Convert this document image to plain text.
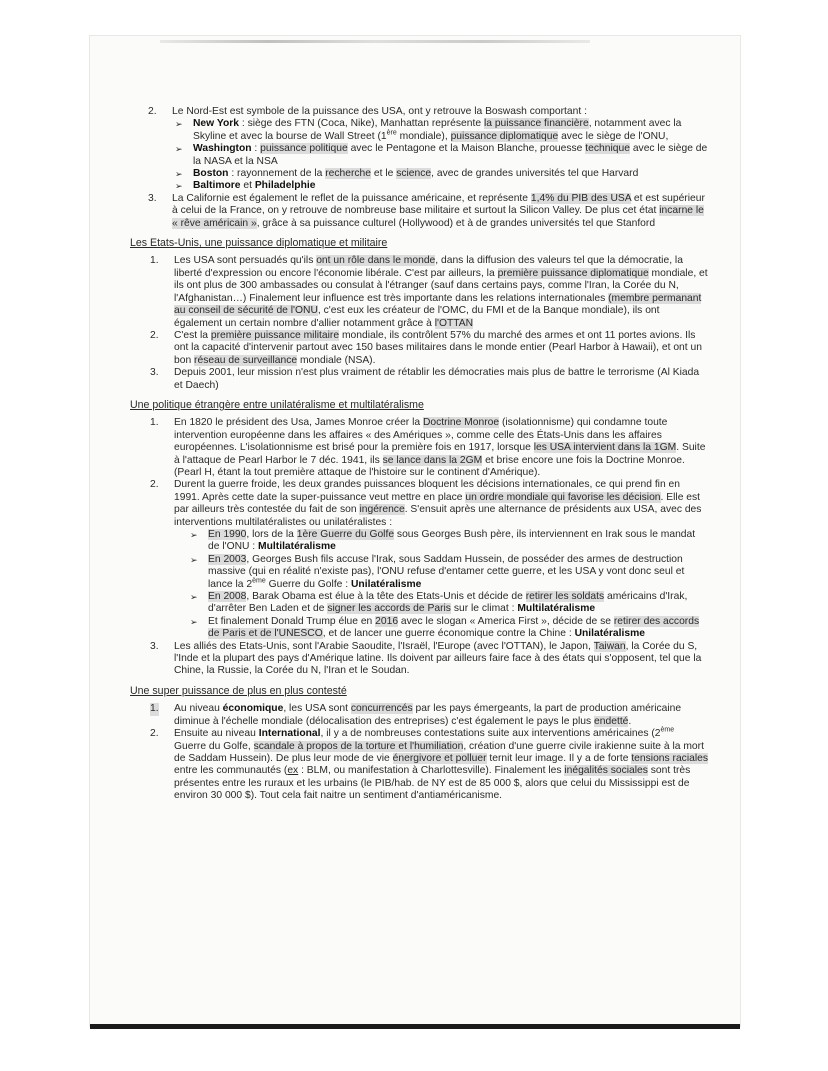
2. Le Nord-Est est symbole de la puissance des USA, ont y retrouve la Boswash comportant :

➢ New York : siège des FTN (Coca, Nike), Manhattan représente la puissance financière, notamment avec la Skyline et avec la bourse de Wall Street (1ère mondiale), puissance diplomatique avec le siège de l'ONU,
➢ Washington : puissance politique avec le Pentagone et la Maison Blanche, prouesse technique avec le siège de la NASA et la NSA
➢ Boston : rayonnement de la recherche et le science, avec de grandes universités tel que Harvard
➢ Baltimore et Philadelphie
3. La Californie est également le reflet de la puissance américaine, et représente 1,4% du PIB des USA et est supérieur à celui de la France, on y retrouve de nombreuse base militaire et surtout la Silicon Valley. De plus cet état incarne le « rêve américain », grâce à sa puissance culturel (Hollywood) et à de grandes universités tel que Stanford

Les Etats-Unis, une puissance diplomatique et militaire

1. Les USA sont persuadés qu'ils ont un rôle dans le monde, dans la diffusion des valeurs tel que la démocratie, la liberté d'expression ou encore l'économie libérale. C'est par ailleurs, la première puissance diplomatique mondiale, et ils ont plus de 300 ambassades ou consulat à l'étranger (sauf dans certains pays, comme l'Iran, la Corée du N, l'Afghanistan…) Finalement leur influence est très importante dans les relations internationales (membre permanant au conseil de sécurité de l'ONU, c'est eux les créateur de l'OMC, du FMI et de la Banque mondiale), ils ont également un certain nombre d'allier notamment grâce à l'OTTAN

2. C'est la première puissance militaire mondiale, ils contrôlent 57% du marché des armes et ont 11 portes avions. Ils ont la capacité d'intervenir partout avec 150 bases militaires dans le monde entier (Pearl Harbor à Hawaii), et ont un bon réseau de surveillance mondiale (NSA).

3. Depuis 2001, leur mission n'est plus vraiment de rétablir les démocraties mais plus de battre le terrorisme (Al Kiada et Daech)

Une politique étrangère entre unilatéralisme et multilatéralisme

1. En 1820 le président des Usa, James Monroe créer la Doctrine Monroe (isolationnisme) qui condamne toute intervention européenne dans les affaires « des Amériques », comme celle des États-Unis dans les affaires européennes. L'isolationnisme est brisé pour la première fois en 1917, lorsque les USA intervient dans la 1GM. Suite à l'attaque de Pearl Harbor le 7 déc. 1941, ils se lance dans la 2GM et brise encore une fois la Doctrine Monroe. (Pearl H, étant la tout première attaque de l'histoire sur le continent d'Amérique).

2. Durent la guerre froide, les deux grandes puissances bloquent les décisions internationales, ce qui prend fin en 1991. Après cette date la super-puissance veut mettre en place un ordre mondiale qui favorise les décision. Elle est par ailleurs très contestée du fait de son ingérence. S'ensuit après une alternance de présidents aux USA, avec des interventions multilatéralistes ou unilatéralistes :

➢ En 1990, lors de la 1ère Guerre du Golfe sous Georges Bush père, ils interviennent en Irak sous le mandat de l'ONU : Multilatéralisme
➢ En 2003, Georges Bush fils accuse l'Irak, sous Saddam Hussein, de posséder des armes de destruction massive (qui en réalité n'existe pas), l'ONU refuse d'entamer cette guerre, et les USA y vont donc seul et lance la 2ème Guerre du Golfe : Unilatéralisme
➢ En 2008, Barak Obama est élue à la tête des Etats-Unis et décide de retirer les soldats américains d'Irak, d'arrêter Ben Laden et de signer les accords de Paris sur le climat : Multilatéralisme
➢ Et finalement Donald Trump élue en 2016 avec le slogan « America First », décide de se retirer des accords de Paris et de l'UNESCO, et de lancer une guerre économique contre la Chine : Unilatéralisme
3. Les alliés des Etats-Unis, sont l'Arabie Saoudite, l'Israël, l'Europe (avec l'OTTAN), le Japon, Taiwan, la Corée du S, l'Inde et la plupart des pays d'Amérique latine. Ils doivent par ailleurs faire face à des états qui s'opposent, tel que la Chine, la Russie, la Corée du N, l'Iran et le Soudan.

Une super puissance de plus en plus contesté

1. Au niveau économique, les USA sont concurrencés par les pays émergeants, la part de production américaine diminue à l'échelle mondiale (délocalisation des entreprises) c'est également le pays le plus endetté.

2. Ensuite au niveau International, il y a de nombreuses contestations suite aux interventions américaines (2ème Guerre du Golfe, scandale à propos de la torture et l'humiliation, création d'une guerre civile irakienne suite à la mort de Saddam Hussein). De plus leur mode de vie énergivore et polluer ternit leur image. Il y a de forte tensions raciales entre les communautés (ex : BLM, ou manifestation à Charlottesville). Finalement les inégalités sociales sont très présentes entre les ruraux et les urbains (le PIB/hab. de NY est de 85 000 $, alors que celui du Mississippi est de environ 30 000 $). Tout cela fait naitre un sentiment d'antiaméricanisme.
